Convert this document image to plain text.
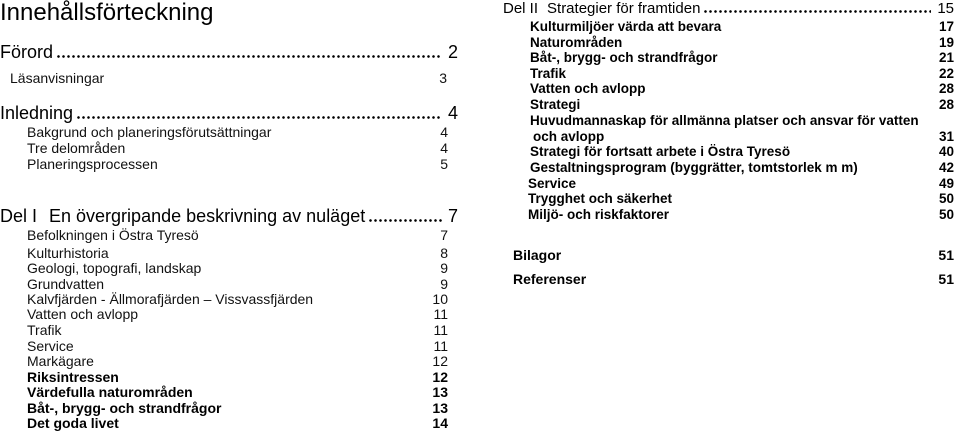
Innehållsförteckning
Förord	2
Läsanvisningar	3
Inledning	4
Bakgrund och planeringsförutsättningar	4
Tre delområden	4
Planeringsprocessen	5
Del I En övergripande beskrivning av nuläget	7
Befolkningen i Östra Tyresö	7
Kulturhistoria	8
Geologi, topografi, landskap	9
Grundvatten	9
Kalvfjärden - Ällmorafjärden – Vissvassfjärden	10
Vatten och avlopp	11
Trafik	11
Service	11
Markägare	12
Riksintressen	12
Värdefulla naturområden	13
Båt-, brygg- och strandfrågor	13
Det goda livet	14
Del II Strategier för framtiden	15
Kulturmiljöer värda att bevara	17
Naturområden	19
Båt-, brygg- och strandfrågor	21
Trafik	22
Vatten och avlopp	28
Strategi	28
Huvudmannaskap för allmänna platser och ansvar för vatten
och avlopp	31
Strategi för fortsatt arbete i Östra Tyresö	40
Gestaltningsprogram (byggrätter, tomtstorlek m m)	42
Service	49
Trygghet och säkerhet	50
Miljö- och riskfaktorer	50
Bilagor	51
Referenser	51
